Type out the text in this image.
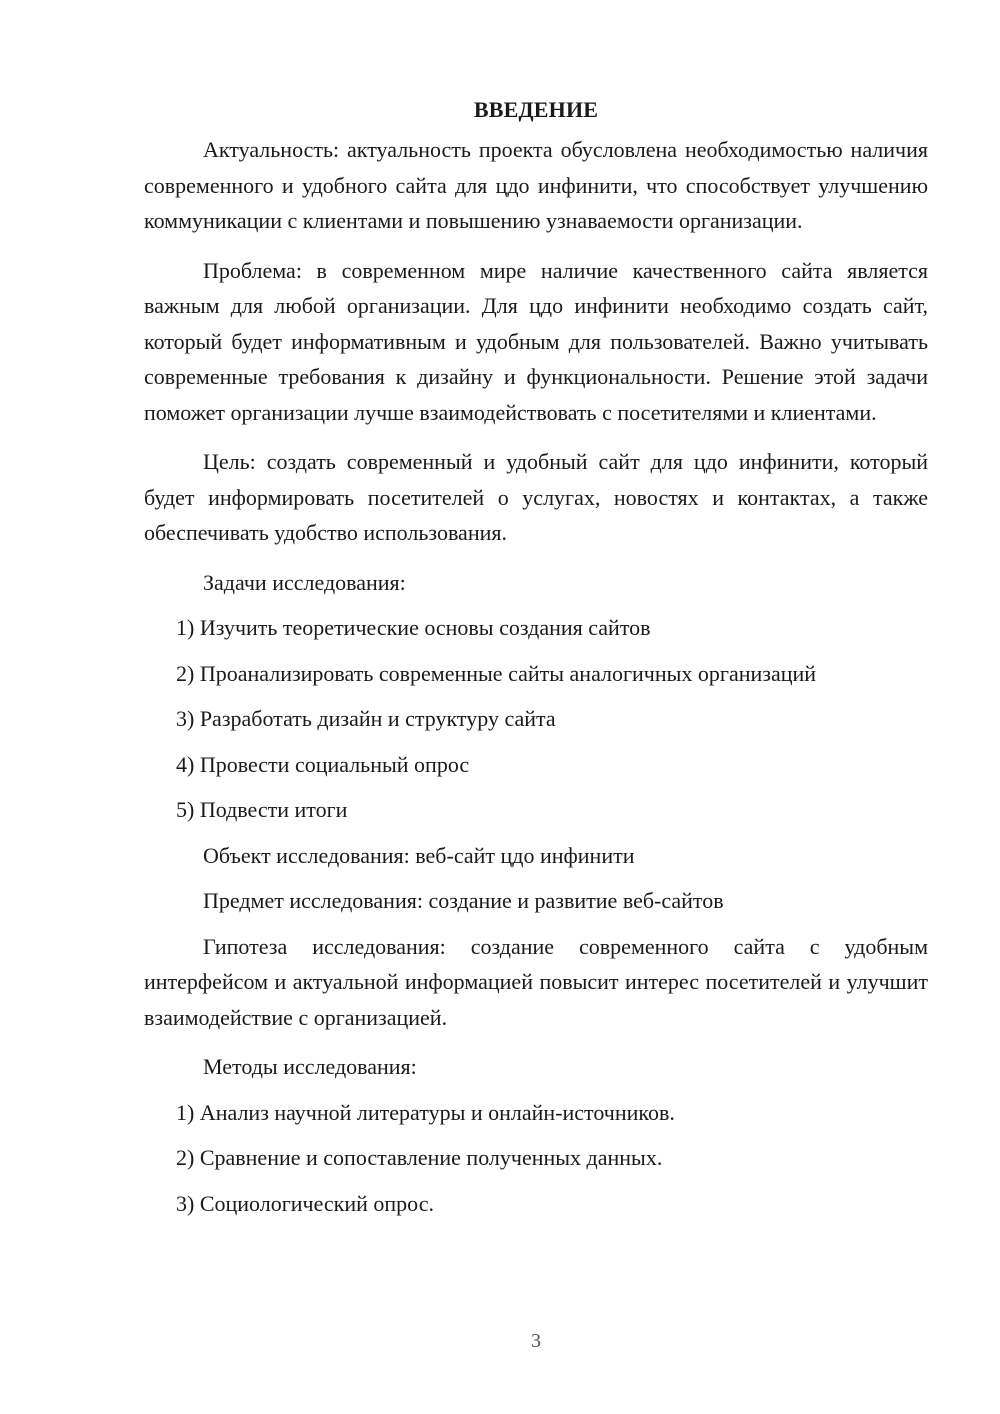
ВВЕДЕНИЕ

Актуальность: актуальность проекта обусловлена необходимостью наличия современного и удобного сайта для цдо инфинити, что способствует улучшению коммуникации с клиентами и повышению узнаваемости организации.

Проблема: в современном мире наличие качественного сайта является важным для любой организации. Для цдо инфинити необходимо создать сайт, который будет информативным и удобным для пользователей. Важно учитывать современные требования к дизайну и функциональности. Решение этой задачи поможет организации лучше взаимодействовать с посетителями и клиентами.

Цель: создать современный и удобный сайт для цдо инфинити, который будет информировать посетителей о услугах, новостях и контактах, а также обеспечивать удобство использования.

Задачи исследования:
1) Изучить теоретические основы создания сайтов
2) Проанализировать современные сайты аналогичных организаций
3) Разработать дизайн и структуру сайта
4) Провести социальный опрос
5) Подвести итоги
Объект исследования: веб-сайт цдо инфинити
Предмет исследования: создание и развитие веб-сайтов

Гипотеза исследования: создание современного сайта с удобным интерфейсом и актуальной информацией повысит интерес посетителей и улучшит взаимодействие с организацией.

Методы исследования:
1) Анализ научной литературы и онлайн-источников.
2) Сравнение и сопоставление полученных данных.
3) Социологический опрос.
3
